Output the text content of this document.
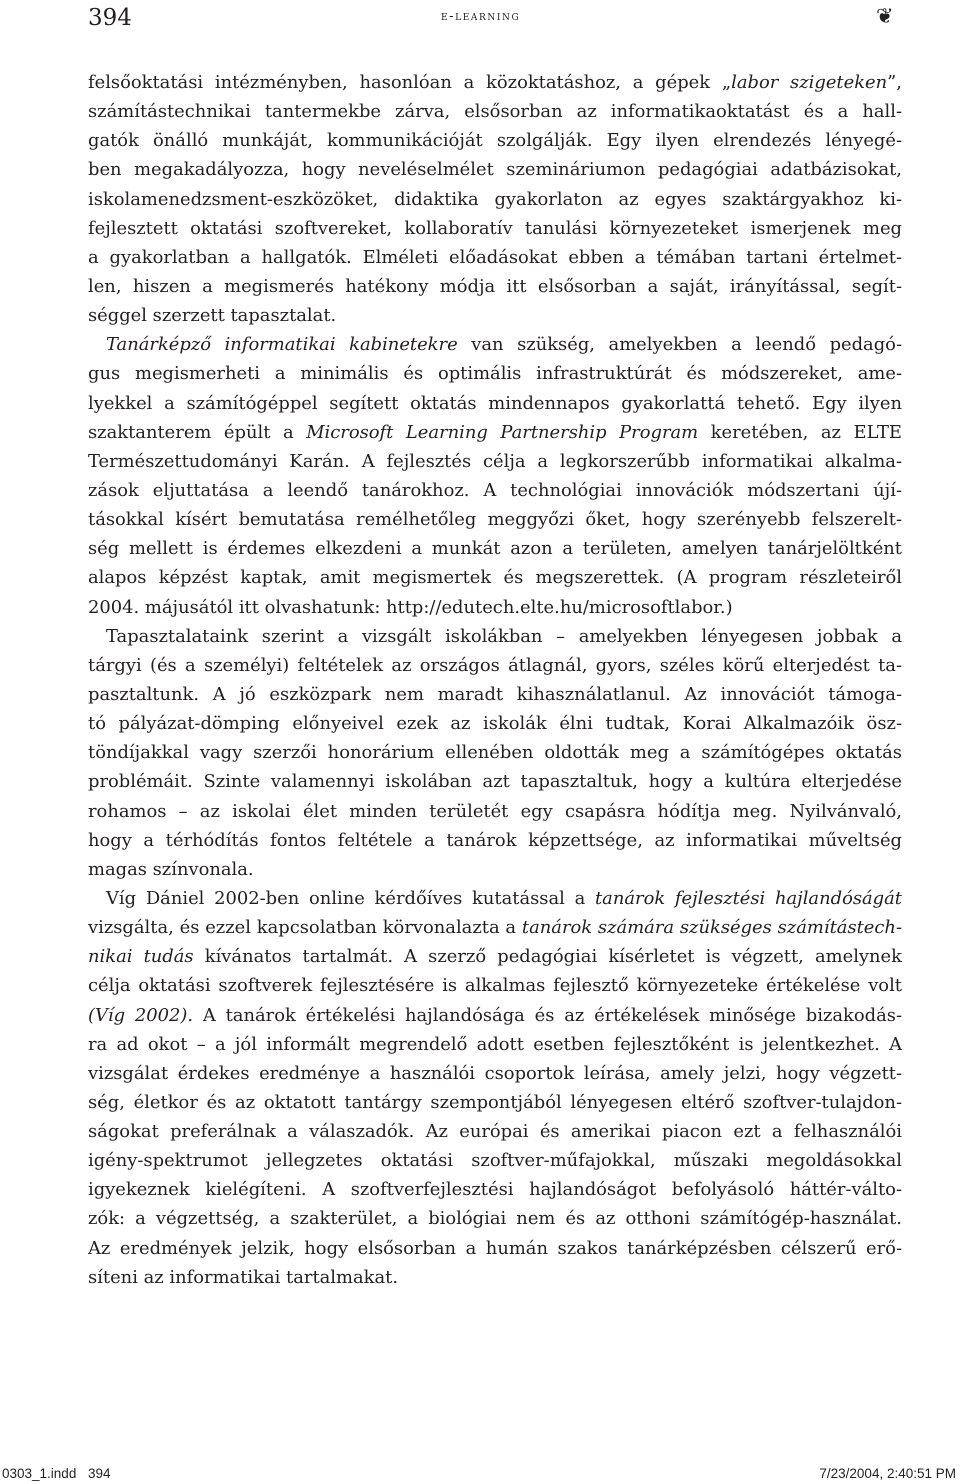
394	e-learning	❦
felsőoktatási intézményben, hasonlóan a közoktatáshoz, a gépek „labor szigeteken”,
számítástechnikai tantermekbe zárva, elsősorban az informatikaoktatást és a hall-
gatók önálló munkáját, kommunikációját szolgálják. Egy ilyen elrendezés lényegé-
ben megakadályozza, hogy neveléselmélet szemináriumon pedagógiai adatbázisokat,
iskolamenedzsment-eszközöket, didaktika gyakorlaton az egyes szaktárgyakhoz ki-
fejlesztett oktatási szoftvereket, kollaboratív tanulási környezeteket ismerjenek meg
a gyakorlatban a hallgatók. Elméleti előadásokat ebben a témában tartani értelmet-
len, hiszen a megismerés hatékony módja itt elsősorban a saját, irányítással, segít-
séggel szerzett tapasztalat.
Tanárképző informatikai kabinetekre van szükség, amelyekben a leendő pedagó-
gus megismerheti a minimális és optimális infrastruktúrát és módszereket, ame-
lyekkel a számítógéppel segített oktatás mindennapos gyakorlattá tehető. Egy ilyen
szaktanterem épült a Microsoft Learning Partnership Program keretében, az ELTE
Természettudományi Karán. A fejlesztés célja a legkorszerűbb informatikai alkalma-
zások eljuttatása a leendő tanárokhoz. A technológiai innovációk módszertani újí-
tásokkal kísért bemutatása remélhetőleg meggyőzi őket, hogy szerényebb felszerelt-
ség mellett is érdemes elkezdeni a munkát azon a területen, amelyen tanárjelöltként
alapos képzést kaptak, amit megismertek és megszerettek. (A program részleteiről
2004. májusától itt olvashatunk: http://edutech.elte.hu/microsoftlabor.)
Tapasztalataink szerint a vizsgált iskolákban – amelyekben lényegesen jobbak a
tárgyi (és a személyi) feltételek az országos átlagnál, gyors, széles körű elterjedést ta-
pasztaltunk. A jó eszközpark nem maradt kihasználatlanul. Az innovációt támoga-
tó pályázat-dömping előnyeivel ezek az iskolák élni tudtak, Korai Alkalmazóik ösz-
töndíjakkal vagy szerzői honorárium ellenében oldották meg a számítógépes oktatás
problémáit. Szinte valamennyi iskolában azt tapasztaltuk, hogy a kultúra elterjedése
rohamos – az iskolai élet minden területét egy csapásra hódítja meg. Nyilvánvaló,
hogy a térhódítás fontos feltétele a tanárok képzettsége, az informatikai műveltség
magas színvonala.
Víg Dániel 2002-ben online kérdőíves kutatással a tanárok fejlesztési hajlandóságát
vizsgálta, és ezzel kapcsolatban körvonalazta a tanárok számára szükséges számítástech-
nikai tudás kívánatos tartalmát. A szerző pedagógiai kísérletet is végzett, amelynek
célja oktatási szoftverek fejlesztésére is alkalmas fejlesztő környezeteke értékelése volt
(Víg 2002). A tanárok értékelési hajlandósága és az értékelések minősége bizakodás-
ra ad okot – a jól informált megrendelő adott esetben fejlesztőként is jelentkezhet. A
vizsgálat érdekes eredménye a használói csoportok leírása, amely jelzi, hogy végzett-
ség, életkor és az oktatott tantárgy szempontjából lényegesen eltérő szoftver-tulajdon-
ságokat preferálnak a válaszadók. Az európai és amerikai piacon ezt a felhasználói
igény-spektrumot jellegzetes oktatási szoftver-műfajokkal, műszaki megoldásokkal
igyekeznek kielégíteni. A szoftverfejlesztési hajlandóságot befolyásoló háttér-válto-
zók: a végzettség, a szakterület, a biológiai nem és az otthoni számítógép-használat.
Az eredmények jelzik, hogy elsősorban a humán szakos tanárképzésben célszerű erő-
síteni az informatikai tartalmakat.
0303_1.indd 394	7/23/2004, 2:40:51 PM
